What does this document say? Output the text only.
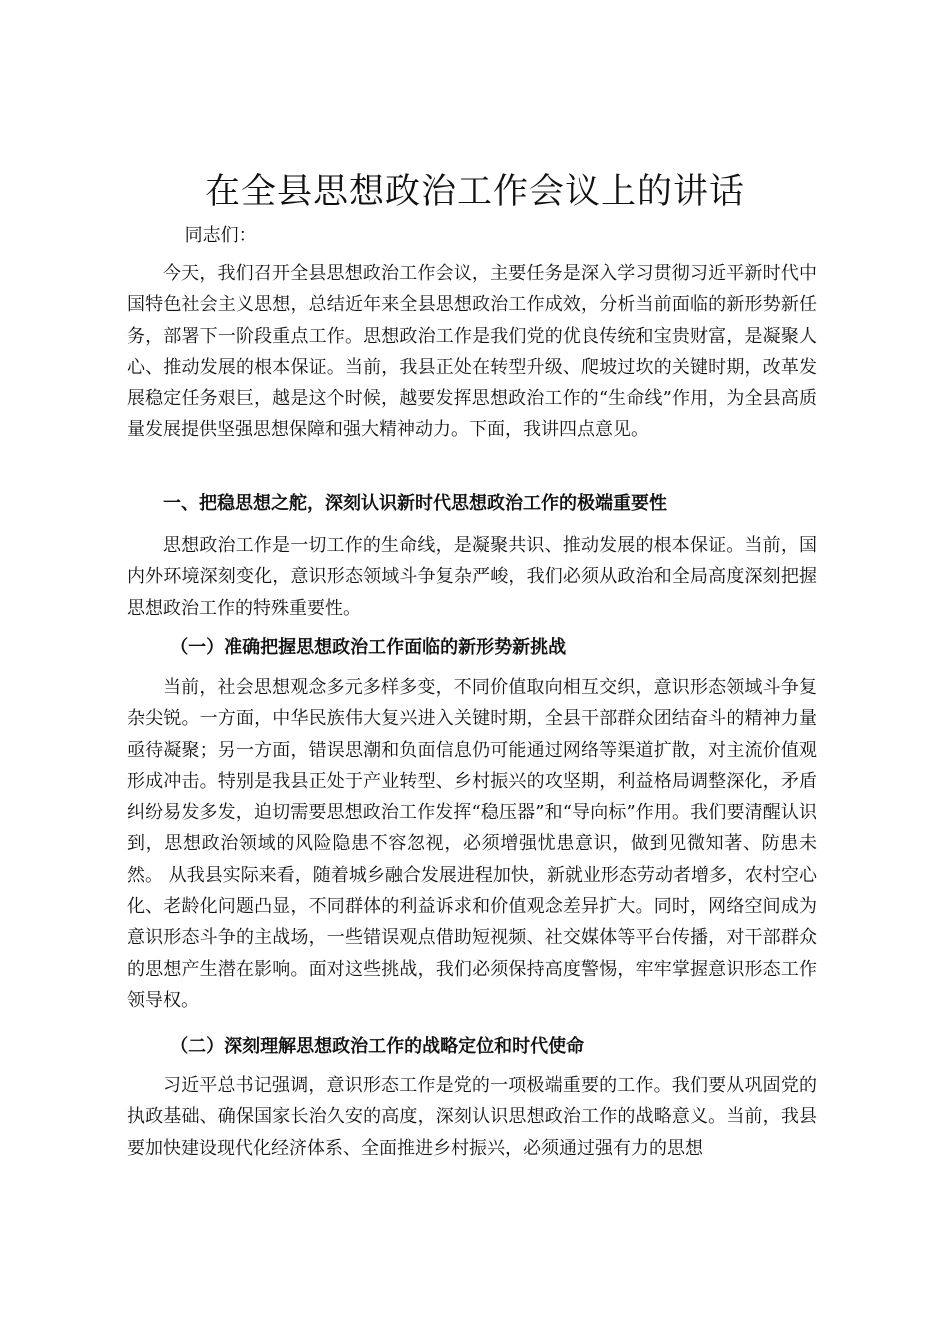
在全县思想政治工作会议上的讲话

同志们：

今天，我们召开全县思想政治工作会议，主要任务是深入学习贯彻习近平新时代中国特色社会主义思想，总结近年来全县思想政治工作成效，分析当前面临的新形势新任务，部署下一阶段重点工作。思想政治工作是我们党的优良传统和宝贵财富，是凝聚人心、推动发展的根本保证。当前，我县正处在转型升级、爬坡过坎的关键时期，改革发展稳定任务艰巨，越是这个时候，越要发挥思想政治工作的“生命线”作用，为全县高质量发展提供坚强思想保障和强大精神动力。下面，我讲四点意见。

一、把稳思想之舵，深刻认识新时代思想政治工作的极端重要性

思想政治工作是一切工作的生命线，是凝聚共识、推动发展的根本保证。当前，国内外环境深刻变化，意识形态领域斗争复杂严峻，我们必须从政治和全局高度深刻把握思想政治工作的特殊重要性。

（一）准确把握思想政治工作面临的新形势新挑战

当前，社会思想观念多元多样多变，不同价值取向相互交织，意识形态领域斗争复杂尖锐。一方面，中华民族伟大复兴进入关键时期，全县干部群众团结奋斗的精神力量亟待凝聚；另一方面，错误思潮和负面信息仍可能通过网络等渠道扩散，对主流价值观形成冲击。特别是我县正处于产业转型、乡村振兴的攻坚期，利益格局调整深化，矛盾纠纷易发多发，迫切需要思想政治工作发挥“稳压器”和“导向标”作用。我们要清醒认识到，思想政治领域的风险隐患不容忽视，必须增强忧患意识，做到见微知著、防患未然。 从我县实际来看，随着城乡融合发展进程加快，新就业形态劳动者增多，农村空心化、老龄化问题凸显，不同群体的利益诉求和价值观念差异扩大。同时，网络空间成为意识形态斗争的主战场，一些错误观点借助短视频、社交媒体等平台传播，对干部群众的思想产生潜在影响。面对这些挑战，我们必须保持高度警惕，牢牢掌握意识形态工作领导权。

（二）深刻理解思想政治工作的战略定位和时代使命

习近平总书记强调，意识形态工作是党的一项极端重要的工作。我们要从巩固党的执政基础、确保国家长治久安的高度，深刻认识思想政治工作的战略意义。当前，我县要加快建设现代化经济体系、全面推进乡村振兴，必须通过强有力的思想
